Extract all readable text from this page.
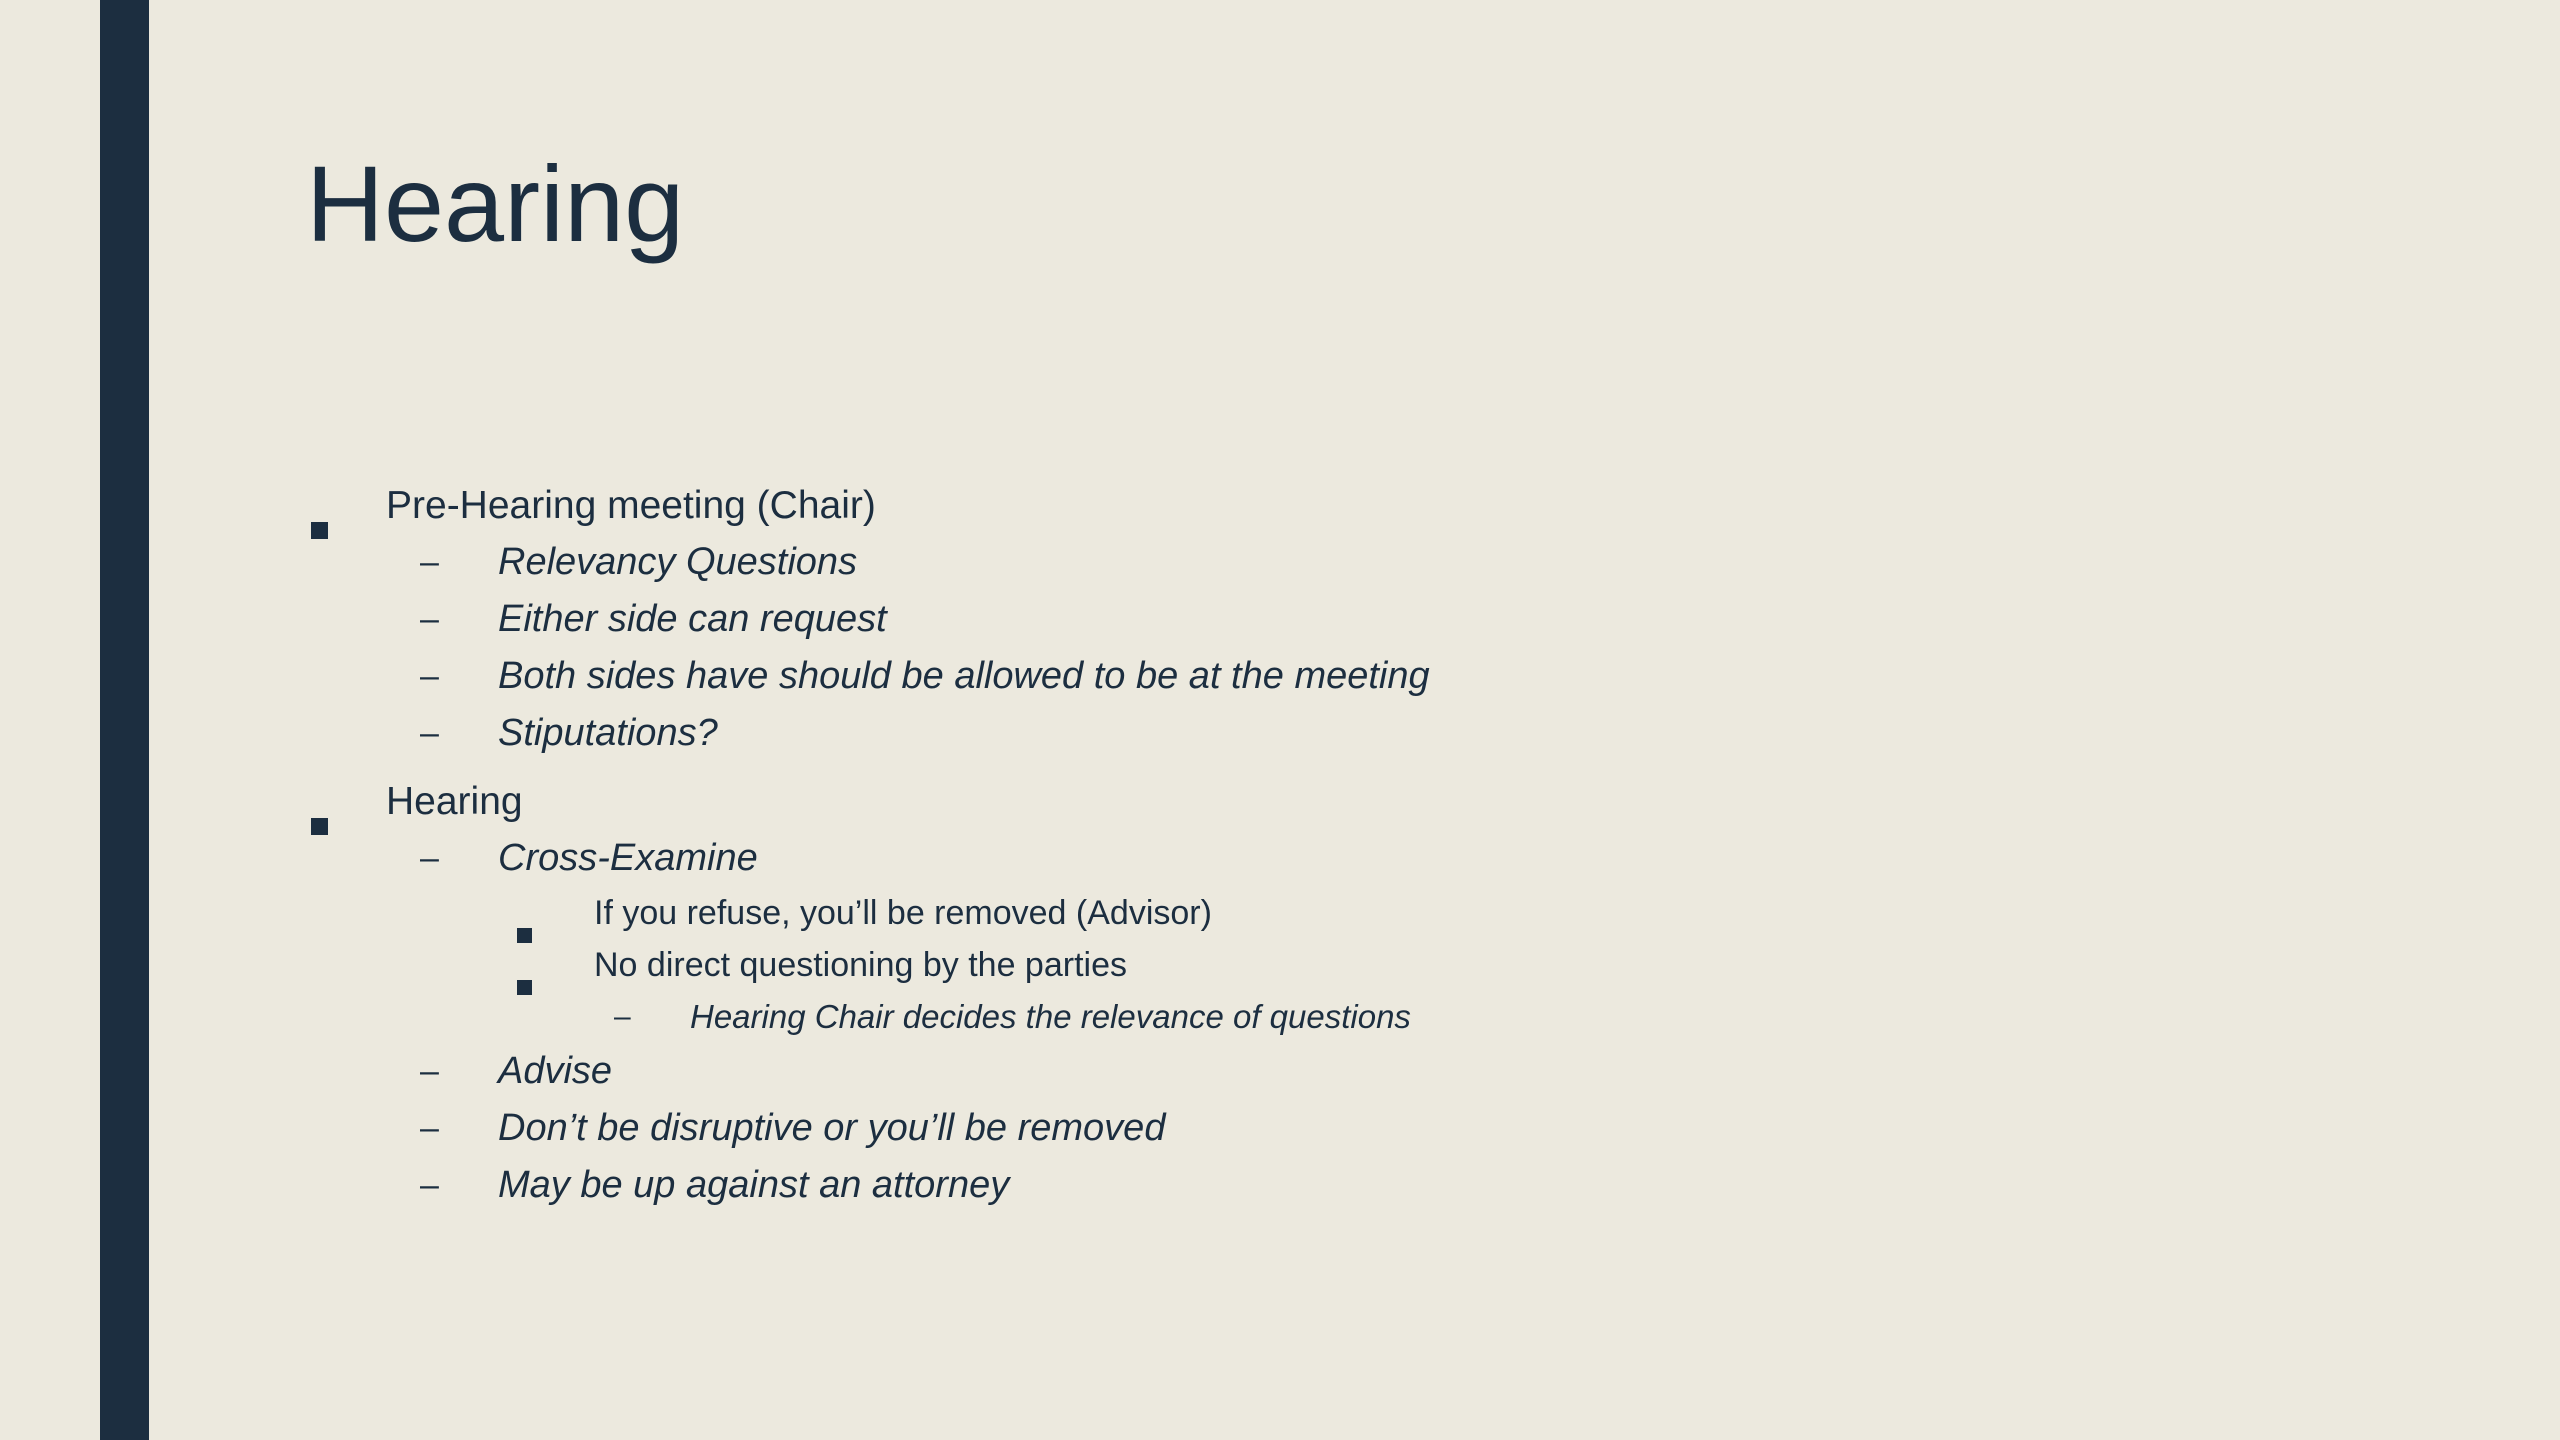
Hearing
Pre-Hearing meeting (Chair)
– Relevancy Questions
– Either side can request
– Both sides have should be allowed to be at the meeting
– Stiputations?
Hearing
– Cross-Examine
If you refuse, you’ll be removed (Advisor)
No direct questioning by the parties
– Hearing Chair decides the relevance of questions
– Advise
– Don’t be disruptive or you’ll be removed
– May be up against an attorney
